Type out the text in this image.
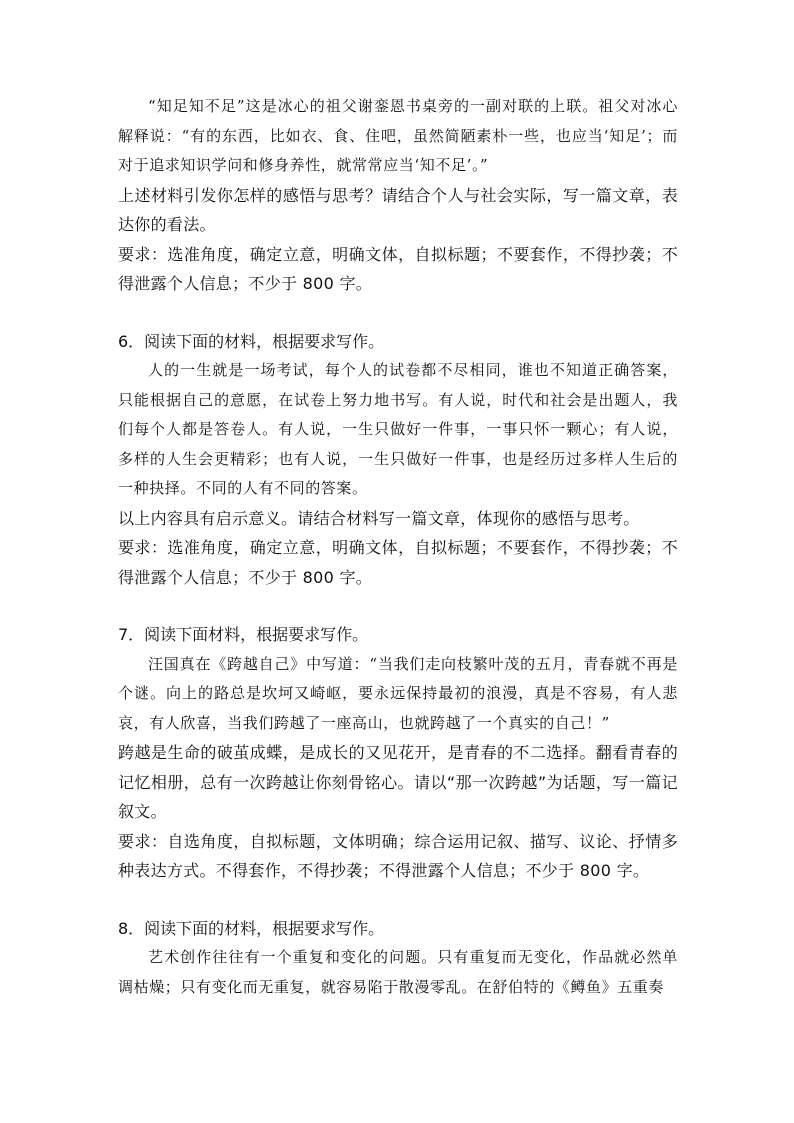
“知足知不足”这是冰心的祖父谢銮恩书桌旁的一副对联的上联。祖父对冰心解释说：“有的东西，比如衣、食、住吧，虽然简陋素朴一些，也应当‘知足’；而对于追求知识学问和修身养性，就常常应当‘知不足’。”

上述材料引发你怎样的感悟与思考？请结合个人与社会实际，写一篇文章，表达你的看法。

要求：选准角度，确定立意，明确文体，自拟标题；不要套作，不得抄袭；不得泄露个人信息；不少于 800 字。

6．阅读下面的材料，根据要求写作。

人的一生就是一场考试，每个人的试卷都不尽相同，谁也不知道正确答案，只能根据自己的意愿，在试卷上努力地书写。有人说，时代和社会是出题人，我们每个人都是答卷人。有人说，一生只做好一件事，一事只怀一颗心；有人说，多样的人生会更精彩；也有人说，一生只做好一件事，也是经历过多样人生后的一种抉择。不同的人有不同的答案。

以上内容具有启示意义。请结合材料写一篇文章，体现你的感悟与思考。

要求：选准角度，确定立意，明确文体，自拟标题；不要套作，不得抄袭；不得泄露个人信息；不少于 800 字。

7．阅读下面材料，根据要求写作。

汪国真在《跨越自己》中写道：“当我们走向枝繁叶茂的五月，青春就不再是个谜。向上的路总是坎坷又崎岖，要永远保持最初的浪漫，真是不容易，有人悲哀，有人欣喜，当我们跨越了一座高山，也就跨越了一个真实的自己！”

跨越是生命的破茧成蝶，是成长的又见花开，是青春的不二选择。翻看青春的记忆相册，总有一次跨越让你刻骨铭心。请以“那一次跨越”为话题，写一篇记叙文。

要求：自选角度，自拟标题，文体明确；综合运用记叙、描写、议论、抒情多种表达方式。不得套作，不得抄袭；不得泄露个人信息；不少于 800 字。

8．阅读下面的材料，根据要求写作。

艺术创作往往有一个重复和变化的问题。只有重复而无变化，作品就必然单调枯燥；只有变化而无重复，就容易陷于散漫零乱。在舒伯特的《鳟鱼》五重奏
